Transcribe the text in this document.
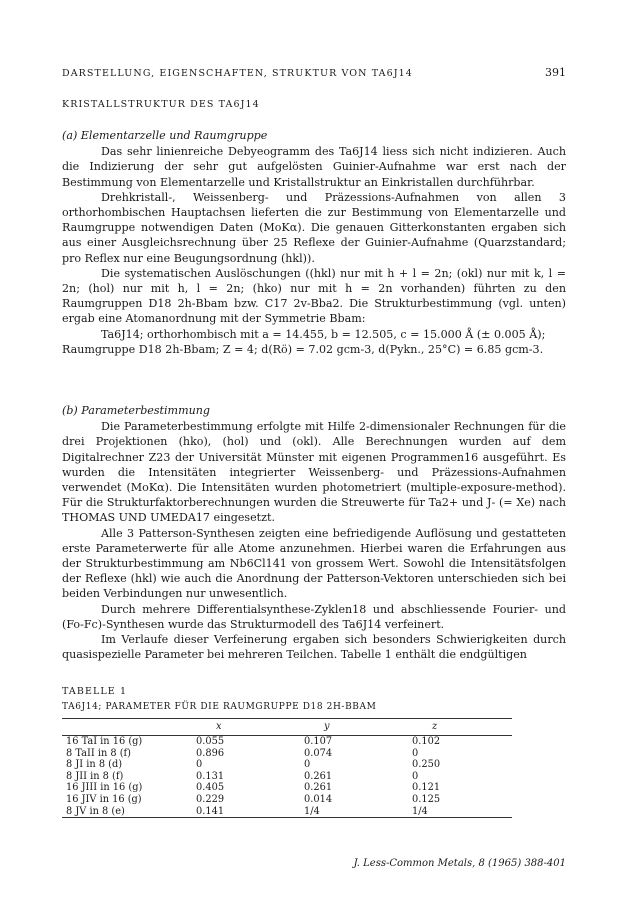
DARSTELLUNG, EIGENSCHAFTEN, STRUKTUR VON TA6J14	391
KRISTALLSTRUKTUR DES TA6J14

(a) Elementarzelle und Raumgruppe

Das sehr linienreiche Debyeogramm des Ta6J14 liess sich nicht indizieren. Auch die Indizierung der sehr gut aufgelösten Guinier-Aufnahme war erst nach der Bestimmung von Elementarzelle und Kristallstruktur an Einkristallen durchführbar.

Drehkristall-, Weissenberg- und Präzessions-Aufnahmen von allen 3 orthorhombischen Hauptachsen lieferten die zur Bestimmung von Elementarzelle und Raumgruppe notwendigen Daten (MoKα). Die genauen Gitterkonstanten ergaben sich aus einer Ausgleichsrechnung über 25 Reflexe der Guinier-Aufnahme (Quarzstandard; pro Reflex nur eine Beugungsordnung (hkl)).

Die systematischen Auslöschungen ((hkl) nur mit h + l = 2n; (okl) nur mit k, l = 2n; (hol) nur mit h, l = 2n; (hko) nur mit h = 2n vorhanden) führten zu den Raumgruppen D18 2h-Bbam bzw. C17 2v-Bba2. Die Strukturbestimmung (vgl. unten) ergab eine Atomanordnung mit der Symmetrie Bbam:

Ta6J14; orthorhombisch mit a = 14.455, b = 12.505, c = 15.000 Å (± 0.005 Å);

Raumgruppe D18 2h-Bbam; Z = 4; d(Rö) = 7.02 gcm-3, d(Pykn., 25°C) = 6.85 gcm-3.

(b) Parameterbestimmung

Die Parameterbestimmung erfolgte mit Hilfe 2-dimensionaler Rechnungen für die drei Projektionen (hko), (hol) und (okl). Alle Berechnungen wurden auf dem Digitalrechner Z23 der Universität Münster mit eigenen Programmen16 ausgeführt. Es wurden die Intensitäten integrierter Weissenberg- und Präzessions-Aufnahmen verwendet (MoKα). Die Intensitäten wurden photometriert (multiple-exposure-method). Für die Strukturfaktorberechnungen wurden die Streuwerte für Ta2+ und J- (= Xe) nach THOMAS UND UMEDA17 eingesetzt.

Alle 3 Patterson-Synthesen zeigten eine befriedigende Auflösung und gestatteten erste Parameterwerte für alle Atome anzunehmen. Hierbei waren die Erfahrungen aus der Strukturbestimmung am Nb6Cl141 von grossem Wert. Sowohl die Intensitätsfolgen der Reflexe (hkl) wie auch die Anordnung der Patterson-Vektoren unterschieden sich bei beiden Verbindungen nur unwesentlich.

Durch mehrere Differentialsynthese-Zyklen18 und abschliessende Fourier- und (Fo-Fc)-Synthesen wurde das Strukturmodell des Ta6J14 verfeinert.

Im Verlaufe dieser Verfeinerung ergaben sich besonders Schwierigkeiten durch quasispezielle Parameter bei mehreren Teilchen. Tabelle 1 enthält die endgültigen

TABELLE 1
TA6J14; PARAMETER FÜR DIE RAUMGRUPPE D18 2H-BBAM
	x	y	z
16 TaI in 16 (g)	0.055	0.107	0.102
8 TaII in 8 (f)	0.896	0.074	0
8 JI in 8 (d)	0	0	0.250
8 JII in 8 (f)	0.131	0.261	0
16 JIII in 16 (g)	0.405	0.261	0.121
16 JIV in 16 (g)	0.229	0.014	0.125
8 JV in 8 (e)	0.141	1/4	1/4

J. Less-Common Metals, 8 (1965) 388-401
